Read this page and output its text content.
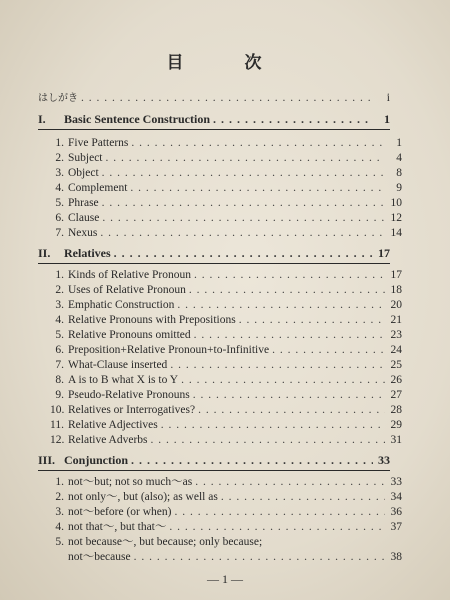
目　次
はしがき . . .	i
I.	Basic Sentence Construction . . .	1
1. Five Patterns . . .	1
2. Subject . . .	4
3. Object . . .	8
4. Complement . . .	9
5. Phrase . . .	10
6. Clause . . .	12
7. Nexus . . .	14
II.	Relatives . . .	17
1. Kinds of Relative Pronoun . . .	17
2. Uses of Relative Pronoun . . .	18
3. Emphatic Construction . . .	20
4. Relative Pronouns with Prepositions . . .	21
5. Relative Pronouns omitted . . .	23
6. Preposition+Relative Pronoun+to-Infinitive . . .	24
7. What-Clause inserted . . .	25
8. A is to B what X is to Y . . .	26
9. Pseudo-Relative Pronouns . . .	27
10. Relatives or Interrogatives? . . .	28
11. Relative Adjectives . . .	29
12. Relative Adverbs . . .	31
III. Conjunction . . .	33
1. not～but; not so much～as . . .	33
2. not only～, but (also); as well as . . .	34
3. not～before (or when) . . .	36
4. not that～, but that～ . . .	37
5. not because～, but because; only because;
not～because . . .	38
— 1 —
